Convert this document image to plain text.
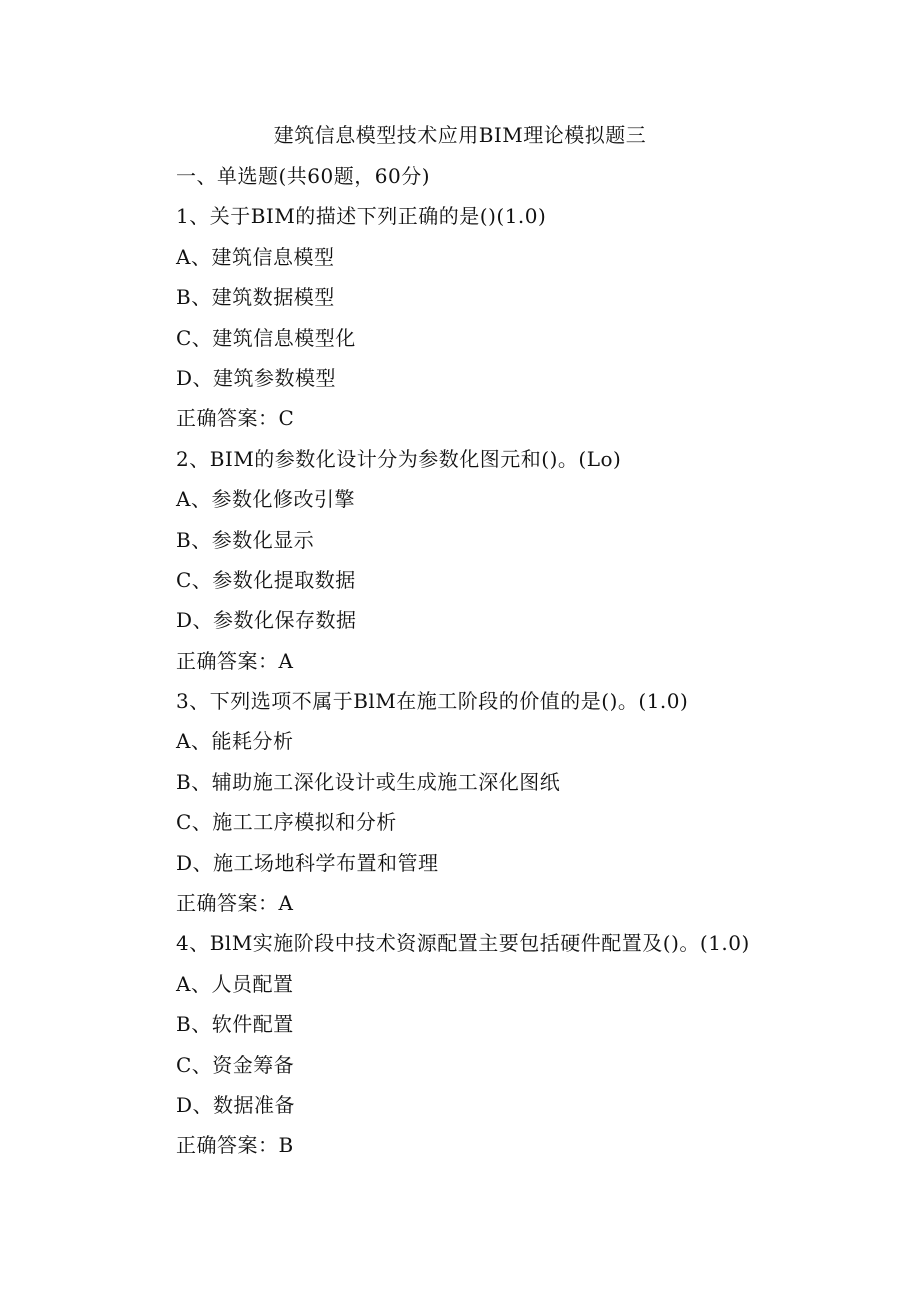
建筑信息模型技术应用BIM理论模拟题三
一、单选题(共60题，60分)
1、关于BIM的描述下列正确的是()(1.0)
A、建筑信息模型
B、建筑数据模型
C、建筑信息模型化
D、建筑参数模型
正确答案：C
2、BIM的参数化设计分为参数化图元和()。(Lo)
A、参数化修改引擎
B、参数化显示
C、参数化提取数据
D、参数化保存数据
正确答案：A
3、下列选项不属于BlM在施工阶段的价值的是()。(1.0)
A、能耗分析
B、辅助施工深化设计或生成施工深化图纸
C、施工工序模拟和分析
D、施工场地科学布置和管理
正确答案：A
4、BlM实施阶段中技术资源配置主要包括硬件配置及()。(1.0)
A、人员配置
B、软件配置
C、资金筹备
D、数据准备
正确答案：B
